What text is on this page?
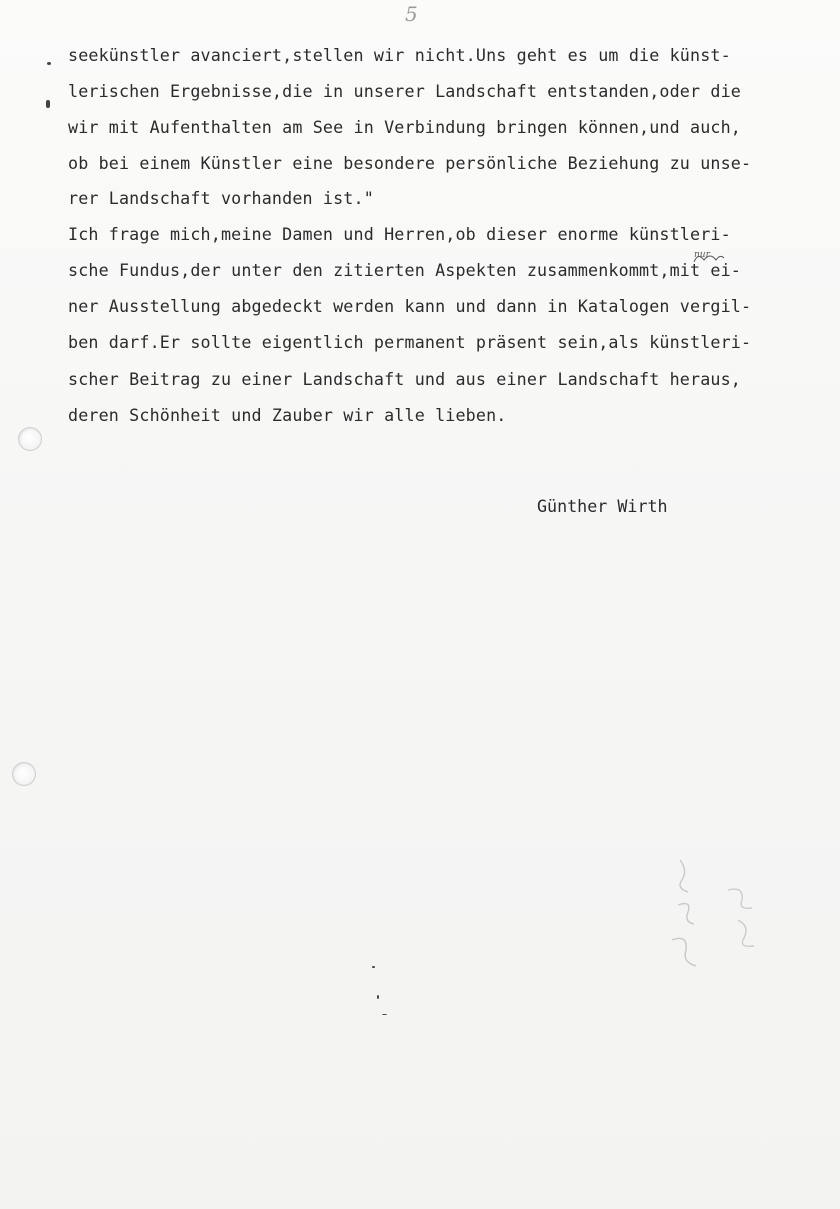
5
seekünstler avanciert,stellen wir nicht.Uns geht es um die künst-
lerischen Ergebnisse,die in unserer Landschaft entstanden,oder die
wir mit Aufenthalten am See in Verbindung bringen können,und auch,
ob bei einem Künstler eine besondere persönliche Beziehung zu unse-
rer Landschaft vorhanden ist."
Ich frage mich,meine Damen und Herren,ob dieser enorme künstleri-
sche Fundus,der unter den zitierten Aspekten zusammenkommt,mit ei-
ner Ausstellung abgedeckt werden kann und dann in Katalogen vergil-
ben darf.Er sollte eigentlich permanent präsent sein,als künstleri-
scher Beitrag zu einer Landschaft und aus einer Landschaft heraus,
deren Schönheit und Zauber wir alle lieben.
nur
Günther Wirth
